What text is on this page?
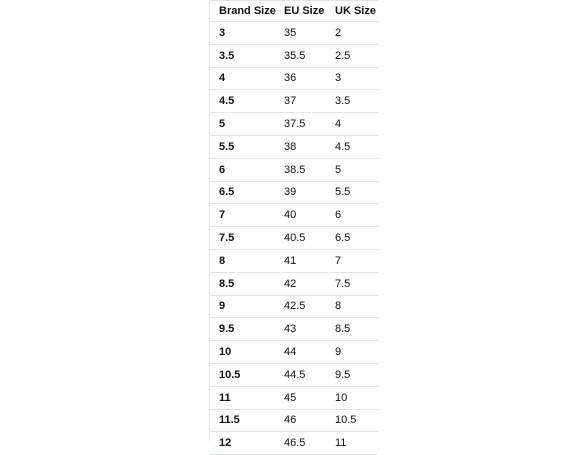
Brand Size	EU Size	UK Size
3	35	2
3.5	35.5	2.5
4	36	3
4.5	37	3.5
5	37.5	4
5.5	38	4.5
6	38.5	5
6.5	39	5.5
7	40	6
7.5	40.5	6.5
8	41	7
8.5	42	7.5
9	42.5	8
9.5	43	8.5
10	44	9
10.5	44.5	9.5
11	45	10
11.5	46	10.5
12	46.5	11
